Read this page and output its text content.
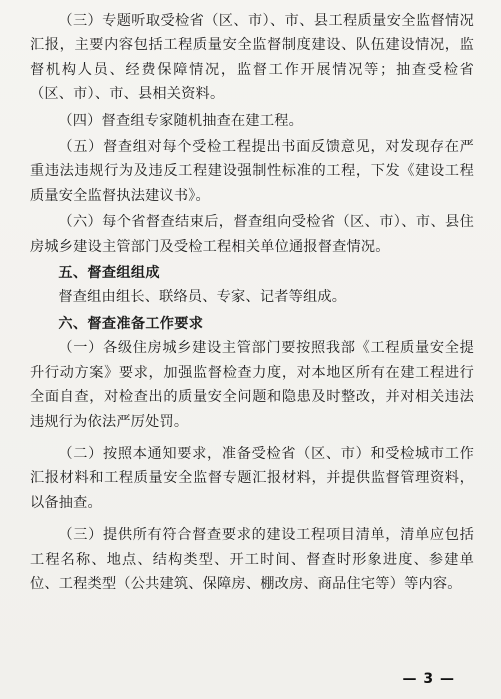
（三）专题听取受检省（区、市）、市、县工程质量安全监督情况汇报，主要内容包括工程质量安全监督制度建设、队伍建设情况，监督机构人员、经费保障情况，监督工作开展情况等；抽查受检省（区、市）、市、县相关资料。

（四）督查组专家随机抽查在建工程。

（五）督查组对每个受检工程提出书面反馈意见，对发现存在严重违法违规行为及违反工程建设强制性标准的工程，下发《建设工程质量安全监督执法建议书》。

（六）每个省督查结束后，督查组向受检省（区、市）、市、县住房城乡建设主管部门及受检工程相关单位通报督查情况。

五、督查组组成

督查组由组长、联络员、专家、记者等组成。

六、督查准备工作要求

（一）各级住房城乡建设主管部门要按照我部《工程质量安全提升行动方案》要求，加强监督检查力度，对本地区所有在建工程进行全面自查，对检查出的质量安全问题和隐患及时整改，并对相关违法违规行为依法严厉处罚。

（二）按照本通知要求，准备受检省（区、市）和受检城市工作汇报材料和工程质量安全监督专题汇报材料，并提供监督管理资料，以备抽查。

（三）提供所有符合督查要求的建设工程项目清单，清单应包括工程名称、地点、结构类型、开工时间、督查时形象进度、参建单位、工程类型（公共建筑、保障房、棚改房、商品住宅等）等内容。

— 3 —
